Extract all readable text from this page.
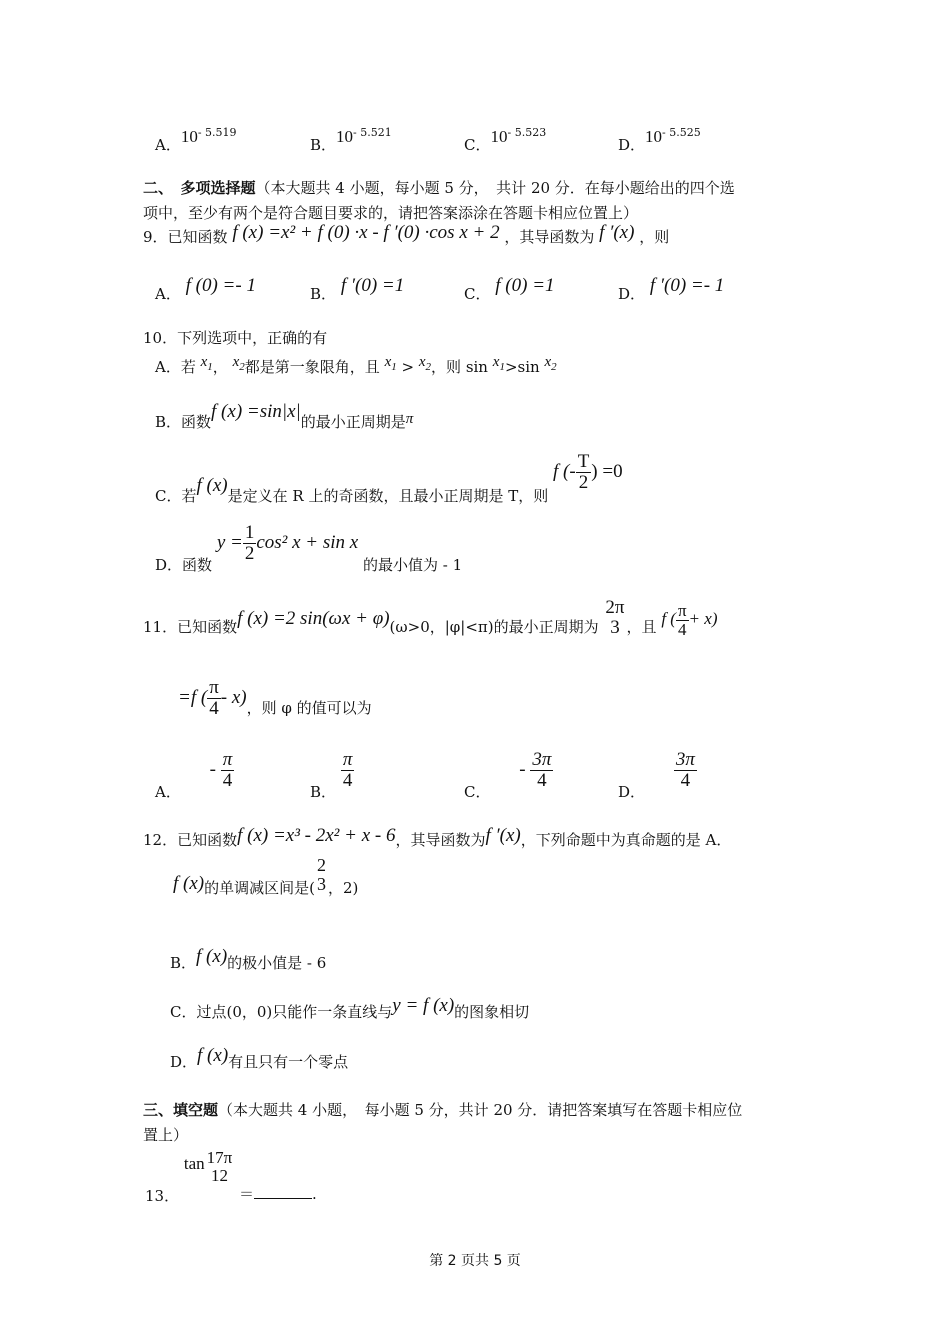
A．$10^{- 5.519}$
B．$10^{- 5.521}$
C．$10^{- 5.523}$
D．$10^{- 5.525}$
二、　多项选择题（本大题共 4 小题，每小题 5 分，　共计 20 分．在每小题给出的四个选
项中，至少有两个是符合题目要求的，请把答案添涂在答题卡相应位置上）
9．已知函数 f (x) =x² + f (0) ·x - f ′(0) ·cos x + 2 ，其导函数为 f ′(x) ，则
A． f (0) =- 1	B． f ′(0) =1	C． f (0) =1	D． f ′(0) =- 1
10．下列选项中，正确的有
A．若 $x_1$， $x_2$都是第一象限角，且 $x_1 > x_2$，则 $\sin x_1>\sin$ $x_2$
B．函数f (x) =sin|x|的最小正周期是π
C．若f (x)是定义在 R 上的奇函数，且最小正周期是 T，则 f (- $\frac{T}{2}$ ) =0
D．函数 $y = \frac{1}{2} \cos^2$ x + sin x 的最小值为 - 1
11．已知函数f (x) =2 sin(ωx + φ)(ω>0，|φ|<π)的最小正周期为
2π
3 ，且 f ( $\frac{\pi}{4} + x$)
=f ( $\frac{\pi}{4} - x$)，则 φ 的值可以为
A． - $\frac{\pi}{4}$
B．
$\frac{\pi}{4}$
C． - $\frac{3\pi}{4}$
D．
$\frac{3\pi}{4}$
12．已知函数f (x) =x³ - 2x² + x - 6，其导函数为f ′(x)，下列命题中为真命题的是 A．
f (x)的单调减区间是(
2
3 ，2)
B．f (x)的极小值是 - 6
C．过点(0，0)只能作一条直线与y = f (x)的图象相切
D．f (x)有且只有一个零点
三、填空题（本大题共 4 小题，　每小题 5 分，共计 20 分．请把答案填写在答题卡相应位
置上）
13． tan 17π
12
＝	.
第 2 页共 5 页
